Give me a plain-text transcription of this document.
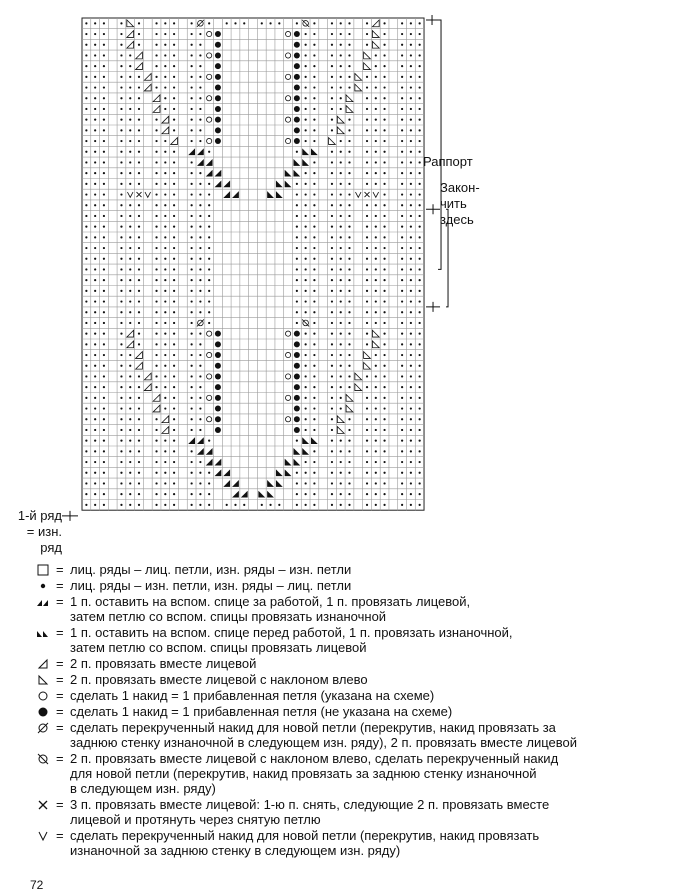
Раппорт
Закон-
чить
здесь
1-й ряд
= изн.
ряд
= лиц. ряды – лиц. петли, изн. ряды – изн. петли
= лиц. ряды – изн. петли, изн. ряды – лиц. петли
= 1 п. оставить на вспом. спице за работой, 1 п. провязать лицевой,
затем петлю со вспом. спицы провязать изнаночной
= 1 п. оставить на вспом. спице перед работой, 1 п. провязать изнаночной,
затем петлю со вспом. спицы провязать лицевой
= 2 п. провязать вместе лицевой
= 2 п. провязать вместе лицевой с наклоном влево
= сделать 1 накид = 1 прибавленная петля (указана на схеме)
= сделать 1 накид = 1 прибавленная петля (не указана на схеме)
= сделать перекрученный накид для новой петли (перекрутив, накид провязать за
заднюю стенку изнаночной в следующем изн. ряду), 2 п. провязать вместе лицевой
= 2 п. провязать вместе лицевой с наклоном влево, сделать перекрученный накид
для новой петли (перекрутив, накид провязать за заднюю стенку изнаночной
в следующем изн. ряду)
= 3 п. провязать вместе лицевой: 1-ю п. снять, следующие 2 п. провязать вместе
лицевой и протянуть через снятую петлю
= сделать перекрученный накид для новой петли (перекрутив, накид провязать
изнаночной за заднюю стенку в следующем изн. ряду)
72
